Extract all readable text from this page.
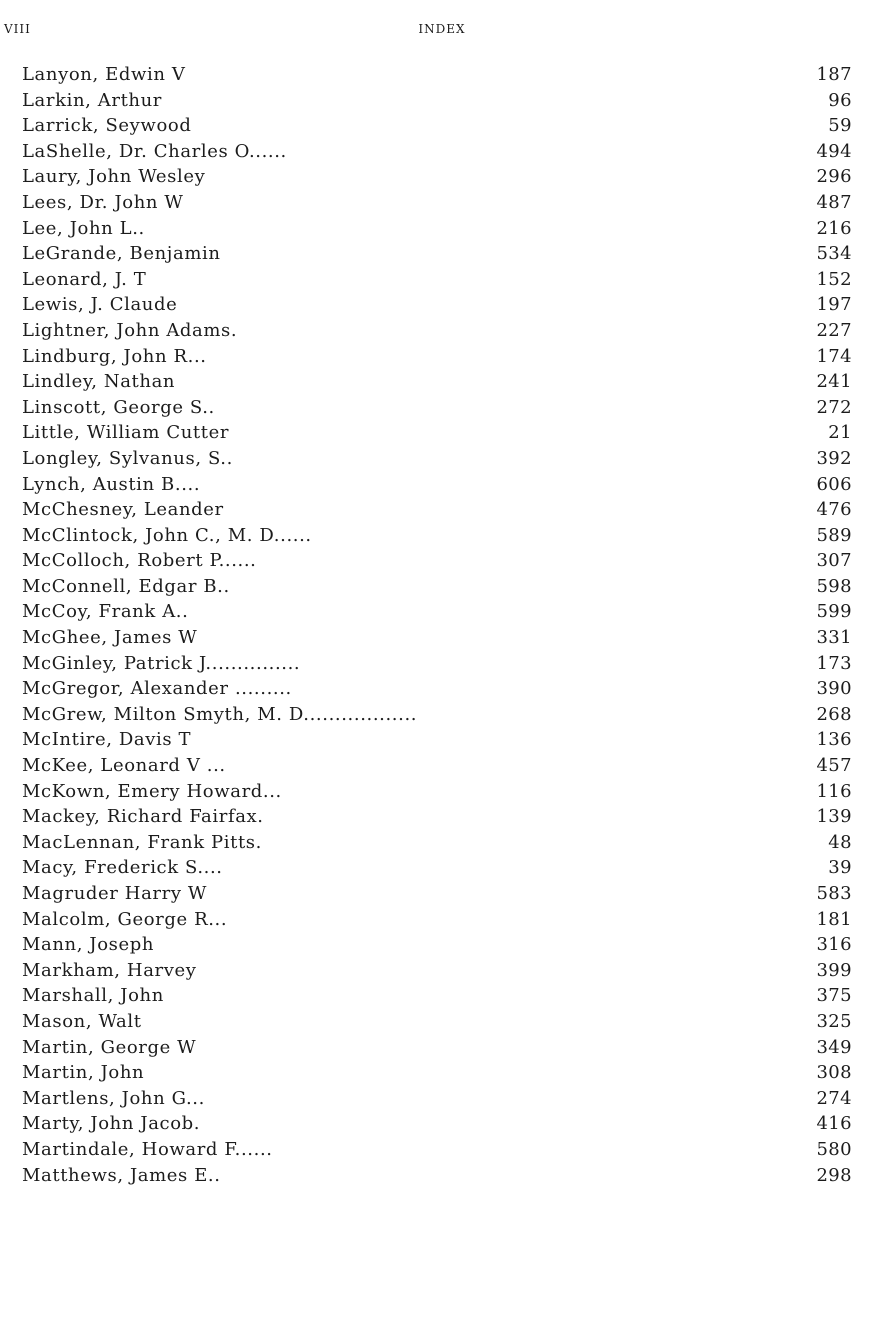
VIII	INDEX
Lanyon, Edwin V	187
Larkin, Arthur	96
Larrick, Seywood	59
LaShelle, Dr. Charles O......	494
Laury, John Wesley	296
Lees, Dr. John W	487
Lee, John L..	216
LeGrande, Benjamin	534
Leonard, J. T	152
Lewis, J. Claude	197
Lightner, John Adams.	227
Lindburg, John R...	174
Lindley, Nathan	241
Linscott, George S..	272
Little, William Cutter	21
Longley, Sylvanus, S..	392
Lynch, Austin B....	606
McChesney, Leander	476
McClintock, John C., M. D......	589
McColloch, Robert P......	307
McConnell, Edgar B..	598
McCoy, Frank A..	599
McGhee, James W	331
McGinley, Patrick J...............	173
McGregor, Alexander .........	390
McGrew, Milton Smyth, M. D..................	268
McIntire, Davis T	136
McKee, Leonard V ...	457
McKown, Emery Howard...	116
Mackey, Richard Fairfax.	139
MacLennan, Frank Pitts.	48
Macy, Frederick S....	39
Magruder Harry W	583
Malcolm, George R...	181
Mann, Joseph	316
Markham, Harvey	399
Marshall, John	375
Mason, Walt	325
Martin, George W	349
Martin, John	308
Martlens, John G...	274
Marty, John Jacob.	416
Martindale, Howard F......	580
Matthews, James E..	298
